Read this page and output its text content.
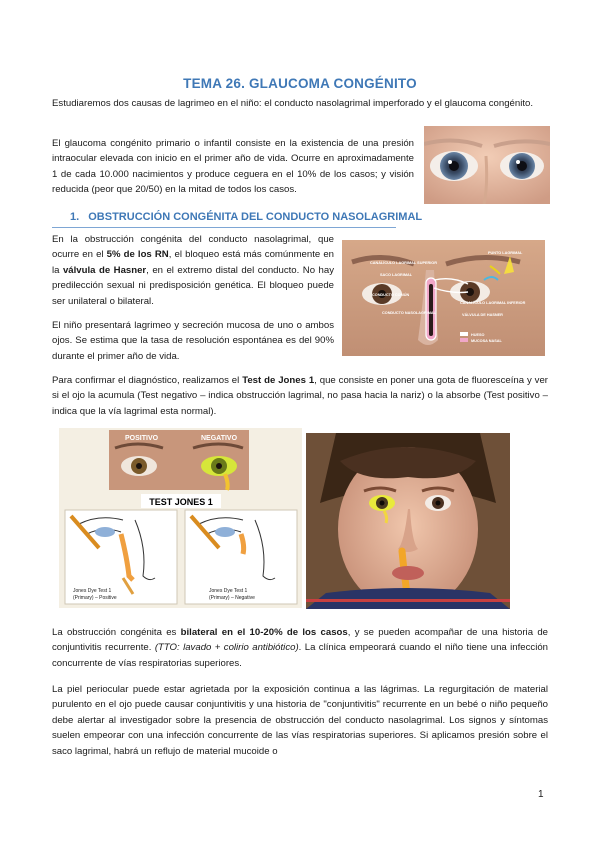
TEMA 26. GLAUCOMA CONGÉNITO

Estudiaremos dos causas de lagrimeo en el niño: el conducto nasolagrimal imperforado y el glaucoma congénito.

El glaucoma congénito primario o infantil consiste en la existencia de una presión intraocular elevada con inicio en el primer año de vida. Ocurre en aproximadamente 1 de cada 10.000 nacimientos y produce ceguera en el 10% de los casos; y visión reducida (peor que 20/50) en la mitad de todos los casos.

1. OBSTRUCCIÓN CONGÉNITA DEL CONDUCTO NASOLAGRIMAL

En la obstrucción congénita del conducto nasolagrimal, que ocurre en el 5% de los RN, el bloqueo está más comúnmente en la válvula de Hasner, en el extremo distal del conducto. No hay predilección sexual ni predisposición genética. El bloqueo puede ser unilateral o bilateral.

El niño presentará lagrimeo y secreción mucosa de uno o ambos ojos. Se estima que la tasa de resolución espontánea es del 90% durante el primer año de vida.

PUNTO LAGRIMAL
CANALÍCULO LAGRIMAL SUPERIOR
SACO LAGRIMAL
CONDUCTO COMÚN
CANALÍCULO LAGRIMAL INFERIOR
CONDUCTO NASOLAGRIMAL	VÁLVULA DE HASNER
HUESO
MUCOSA NASAL

Para confirmar el diagnóstico, realizamos el Test de Jones 1, que consiste en poner una gota de fluoresceína y ver si el ojo la acumula (Test negativo – indica obstrucción lagrimal, no pasa hacia la nariz) o la absorbe (Test positivo – indica que la vía lagrimal esta normal).

POSITIVO	NEGATIVO
TEST JONES 1
Jones Dye Test 1
(Primary) – Positive
Jones Dye Test 1
(Primary) – Negative

La obstrucción congénita es bilateral en el 10-20% de los casos, y se pueden acompañar de una historia de conjuntivitis recurrente. (TTO: lavado + colirio antibiótico). La clínica empeorará cuando el niño tiene una infección concurrente de vías respiratorias superiores.

La piel periocular puede estar agrietada por la exposición continua a las lágrimas. La regurgitación de material purulento en el ojo puede causar conjuntivitis y una historia de "conjuntivitis" recurrente en un bebé o niño pequeño debe alertar al investigador sobre la presencia de obstrucción del conducto nasolagrimal. Los signos y síntomas suelen empeorar con una infección concurrente de las vías respiratorias superiores. Si aplicamos presión sobre el saco lagrimal, habrá un reflujo de material mucoide o

1
